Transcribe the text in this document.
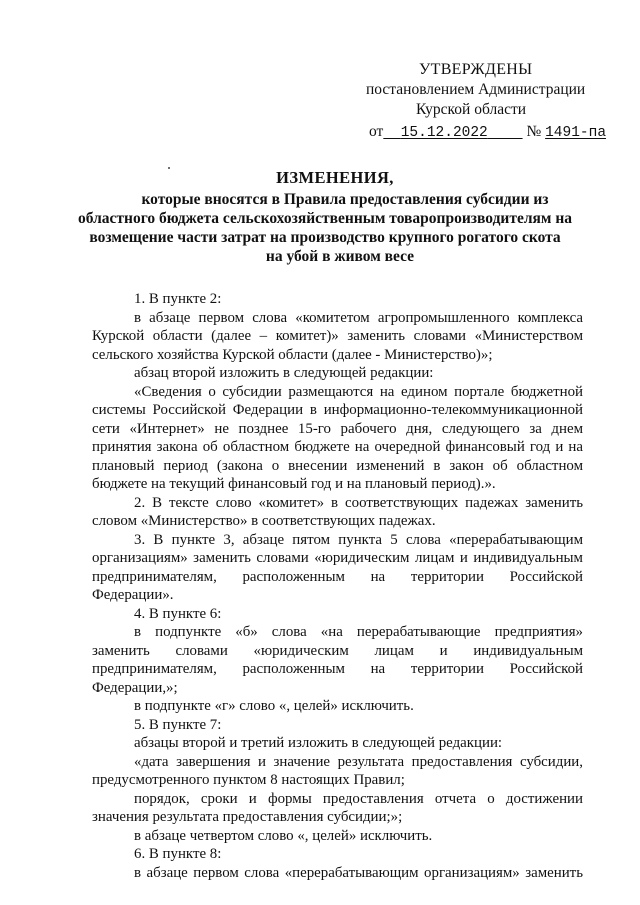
УТВЕРЖДЕНЫ
постановлением Администрации
Курской области
от 15.12.2022 № 1491-па
ИЗМЕНЕНИЯ,
которые вносятся в Правила предоставления субсидии из
областного бюджета сельскохозяйственным товаропроизводителям на
возмещение части затрат на производство крупного рогатого скота
на убой в живом весе
1. В пункте 2:
в абзаце первом слова «комитетом агропромышленного комплекса
Курской области (далее – комитет)» заменить словами «Министерством
сельского хозяйства Курской области (далее - Министерство)»;
абзац второй изложить в следующей редакции:
«Сведения о субсидии размещаются на едином портале бюджетной
системы Российской Федерации в информационно-телекоммуникационной
сети «Интернет» не позднее 15-го рабочего дня, следующего за днем
принятия закона об областном бюджете на очередной финансовый год и на
плановый период (закона о внесении изменений в закон об областном
бюджете на текущий финансовый год и на плановый период).».
2. В тексте слово «комитет» в соответствующих падежах заменить
словом «Министерство» в соответствующих падежах.
3. В пункте 3, абзаце пятом пункта 5 слова «перерабатывающим
организациям» заменить словами «юридическим лицам и индивидуальным
предпринимателям, расположенным на территории Российской
Федерации».
4. В пункте 6:
в подпункте «б» слова «на перерабатывающие предприятия»
заменить словами «юридическим лицам и индивидуальным
предпринимателям, расположенным на территории Российской
Федерации,»;
в подпункте «г» слово «, целей» исключить.
5. В пункте 7:
абзацы второй и третий изложить в следующей редакции:
«дата завершения и значение результата предоставления субсидии,
предусмотренного пунктом 8 настоящих Правил;
порядок, сроки и формы предоставления отчета о достижении
значения результата предоставления субсидии;»;
в абзаце четвертом слово «, целей» исключить.
6. В пункте 8:
в абзаце первом слова «перерабатывающим организациям» заменить
